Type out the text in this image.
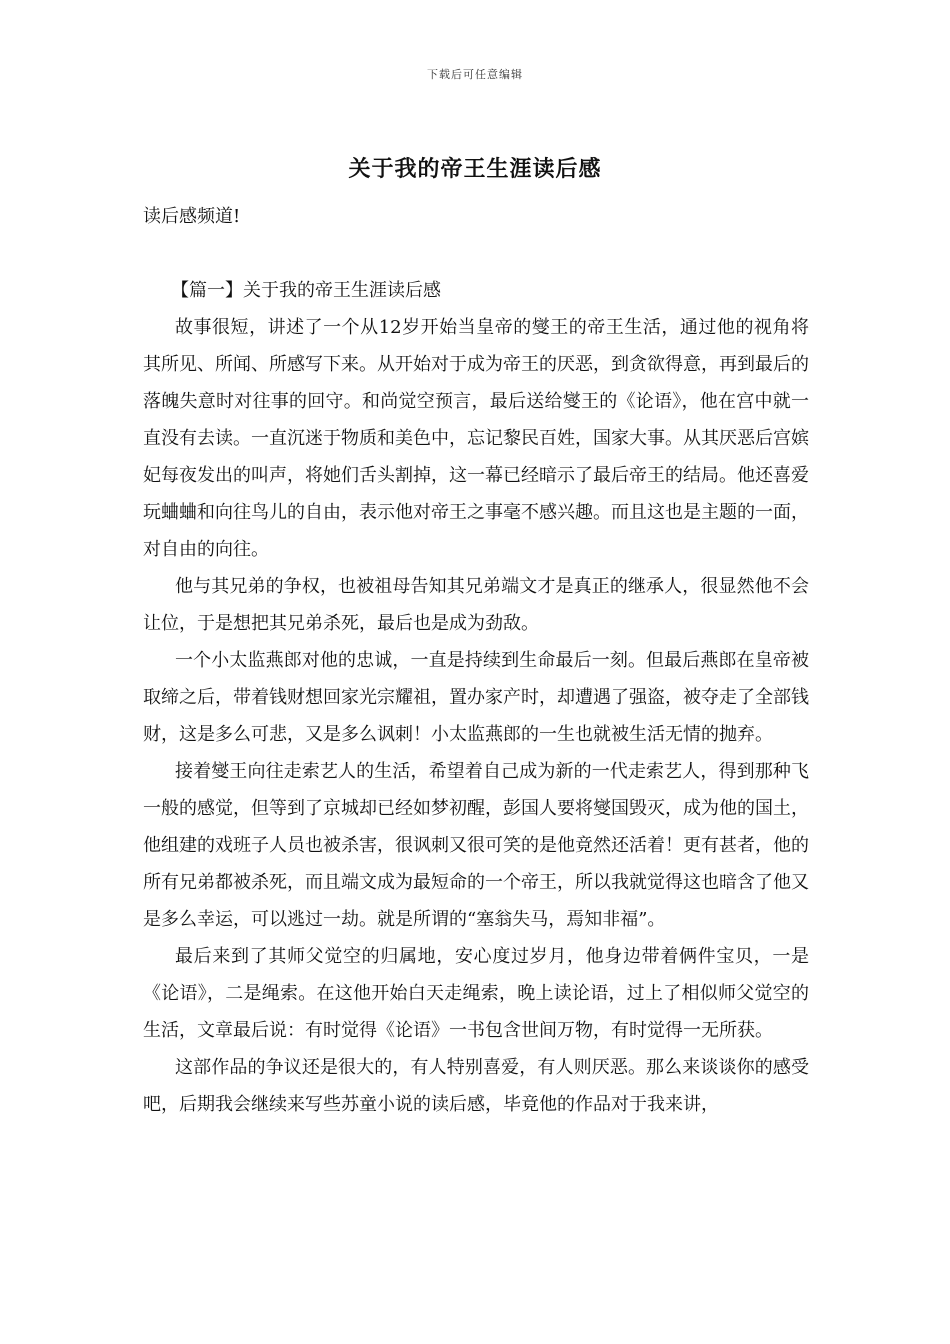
下载后可任意编辑
关于我的帝王生涯读后感

读后感频道!

【篇一】关于我的帝王生涯读后感

故事很短，讲述了一个从12岁开始当皇帝的燮王的帝王生活，通过他的视角将其所见、所闻、所感写下来。从开始对于成为帝王的厌恶，到贪欲得意，再到最后的落魄失意时对往事的回守。和尚觉空预言，最后送给燮王的《论语》，他在宫中就一直没有去读。一直沉迷于物质和美色中，忘记黎民百姓，国家大事。从其厌恶后宫嫔妃每夜发出的叫声，将她们舌头割掉，这一幕已经暗示了最后帝王的结局。他还喜爱玩蛐蛐和向往鸟儿的自由，表示他对帝王之事毫不感兴趣。而且这也是主题的一面，对自由的向往。

他与其兄弟的争权，也被祖母告知其兄弟端文才是真正的继承人，很显然他不会让位，于是想把其兄弟杀死，最后也是成为劲敌。

一个小太监燕郎对他的忠诚，一直是持续到生命最后一刻。但最后燕郎在皇帝被取缔之后，带着钱财想回家光宗耀祖，置办家产时，却遭遇了强盗，被夺走了全部钱财，这是多么可悲，又是多么讽刺！小太监燕郎的一生也就被生活无情的抛弃。

接着燮王向往走索艺人的生活，希望着自己成为新的一代走索艺人，得到那种飞一般的感觉，但等到了京城却已经如梦初醒，彭国人要将燮国毁灭，成为他的国土，他组建的戏班子人员也被杀害，很讽刺又很可笑的是他竟然还活着！更有甚者，他的所有兄弟都被杀死，而且端文成为最短命的一个帝王，所以我就觉得这也暗含了他又是多么幸运，可以逃过一劫。就是所谓的“塞翁失马，焉知非福”。

最后来到了其师父觉空的归属地，安心度过岁月，他身边带着俩件宝贝，一是《论语》，二是绳索。在这他开始白天走绳索，晚上读论语，过上了相似师父觉空的生活，文章最后说：有时觉得《论语》一书包含世间万物，有时觉得一无所获。

这部作品的争议还是很大的，有人特别喜爱，有人则厌恶。那么来谈谈你的感受吧，后期我会继续来写些苏童小说的读后感，毕竟他的作品对于我来讲，
